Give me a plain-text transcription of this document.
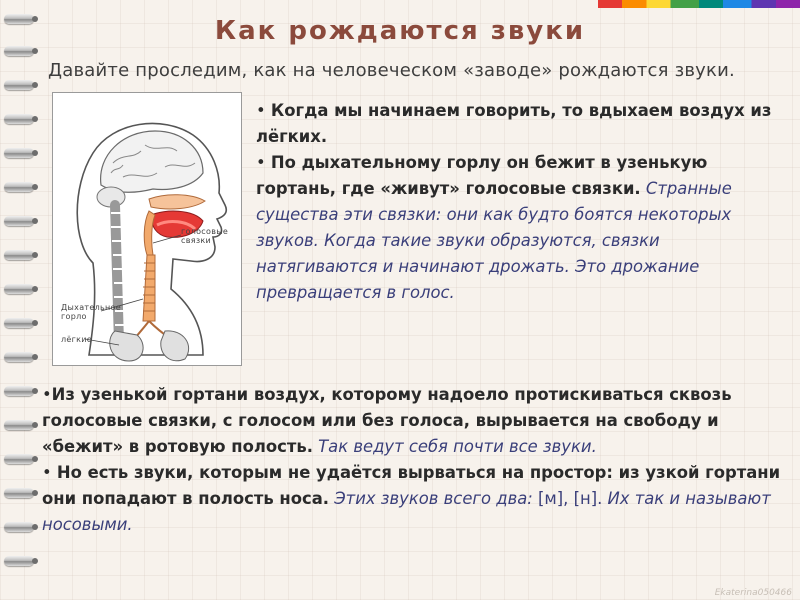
Как рождаются звуки
Давайте проследим, как на человеческом «заводе» рождаются звуки.
голосовые
связки
Дыхательное
горло
лёгкие

• Когда мы начинаем говорить, то вдыхаем воздух из лёгких.

• По дыхательному горлу он бежит в узенькую гортань, где «живут» голосовые связки. Странные существа эти связки: они как будто боятся некоторых звуков. Когда такие звуки образуются, связки натягиваются и начинают дрожать. Это дрожание превращается в голос.

•Из узенькой гортани воздух, которому надоело протискиваться сквозь голосовые связки, с голосом или без голоса, вырывается на свободу и «бежит» в ротовую полость. Так ведут себя почти все звуки.

• Но есть звуки, которым не удаётся вырваться на простор: из узкой гортани они попадают в полость носа. Этих звуков всего два: [м], [н]. Их так и называют носовыми.

Ekaterina050466
